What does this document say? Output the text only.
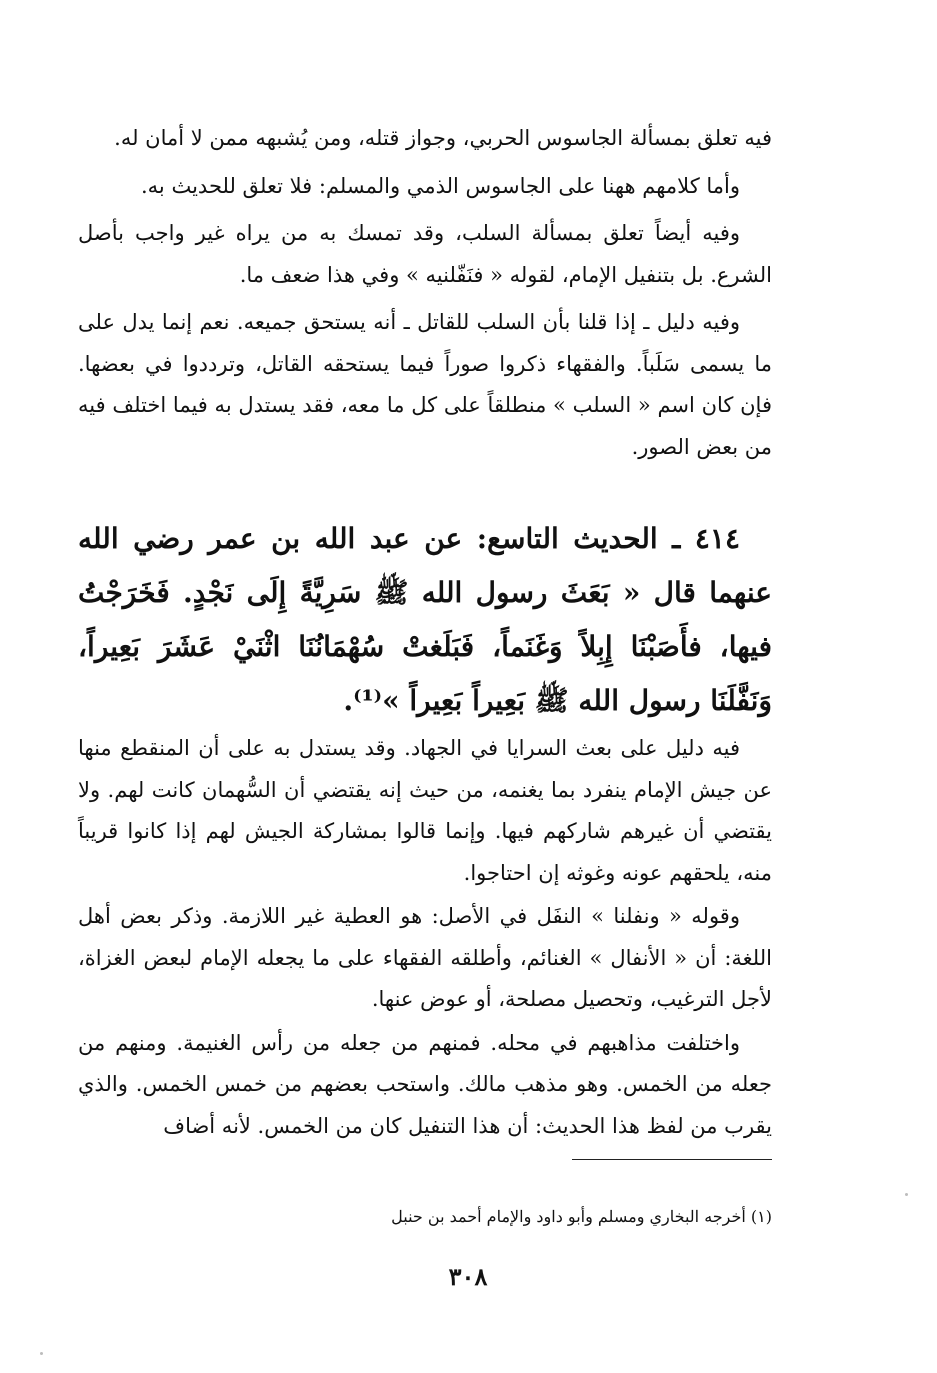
فيه تعلق بمسألة الجاسوس الحربي، وجواز قتله، ومن يُشبهه ممن لا أمان له.

وأما كلامهم ههنا على الجاسوس الذمي والمسلم: فلا تعلق للحديث به.

وفيه أيضاً تعلق بمسألة السلب، وقد تمسك به من يراه غير واجب بأصل الشرع. بل بتنفيل الإمام، لقوله « فنَفّلنيه » وفي هذا ضعف ما.

وفيه دليل ـ إذا قلنا بأن السلب للقاتل ـ أنه يستحق جميعه. نعم إنما يدل على ما يسمى سَلَباً. والفقهاء ذكروا صوراً فيما يستحقه القاتل، وترددوا في بعضها. فإن كان اسم « السلب » منطلقاً على كل ما معه، فقد يستدل به فيما اختلف فيه من بعض الصور.

٤١٤ ـ الحديث التاسع: عن عبد الله بن عمر رضي الله عنهما قال « بَعَثَ رسول الله ﷺ سَرِيَّةً إِلَى نَجْدٍ. فَخَرَجْتُ فيها، فأَصَبْنَا إِبِلاً وَغَنَماً، فَبَلَغتْ سُهْمَانُنَا اثْنَيْ عَشَرَ بَعِيراً، وَنَفَّلَنَا رسول الله ﷺ بَعِيراً بَعِيراً »⁽¹⁾.

فيه دليل على بعث السرايا في الجهاد. وقد يستدل به على أن المنقطع منها عن جيش الإمام ينفرد بما يغنمه، من حيث إنه يقتضي أن السُّهمان كانت لهم. ولا يقتضي أن غيرهم شاركهم فيها. وإنما قالوا بمشاركة الجيش لهم إذا كانوا قريباً منه، يلحقهم عونه وغوثه إن احتاجوا.

وقوله « ونفلنا » النفَل في الأصل: هو العطية غير اللازمة. وذكر بعض أهل اللغة: أن « الأنفال » الغنائم، وأطلقه الفقهاء على ما يجعله الإمام لبعض الغزاة، لأجل الترغيب، وتحصيل مصلحة، أو عوض عنها.

واختلفت مذاهبهم في محله. فمنهم من جعله من رأس الغنيمة. ومنهم من جعله من الخمس. وهو مذهب مالك. واستحب بعضهم من خمس الخمس. والذي يقرب من لفظ هذا الحديث: أن هذا التنفيل كان من الخمس. لأنه أضاف

(١) أخرجه البخاري ومسلم وأبو داود والإمام أحمد بن حنبل
٣٠٨
